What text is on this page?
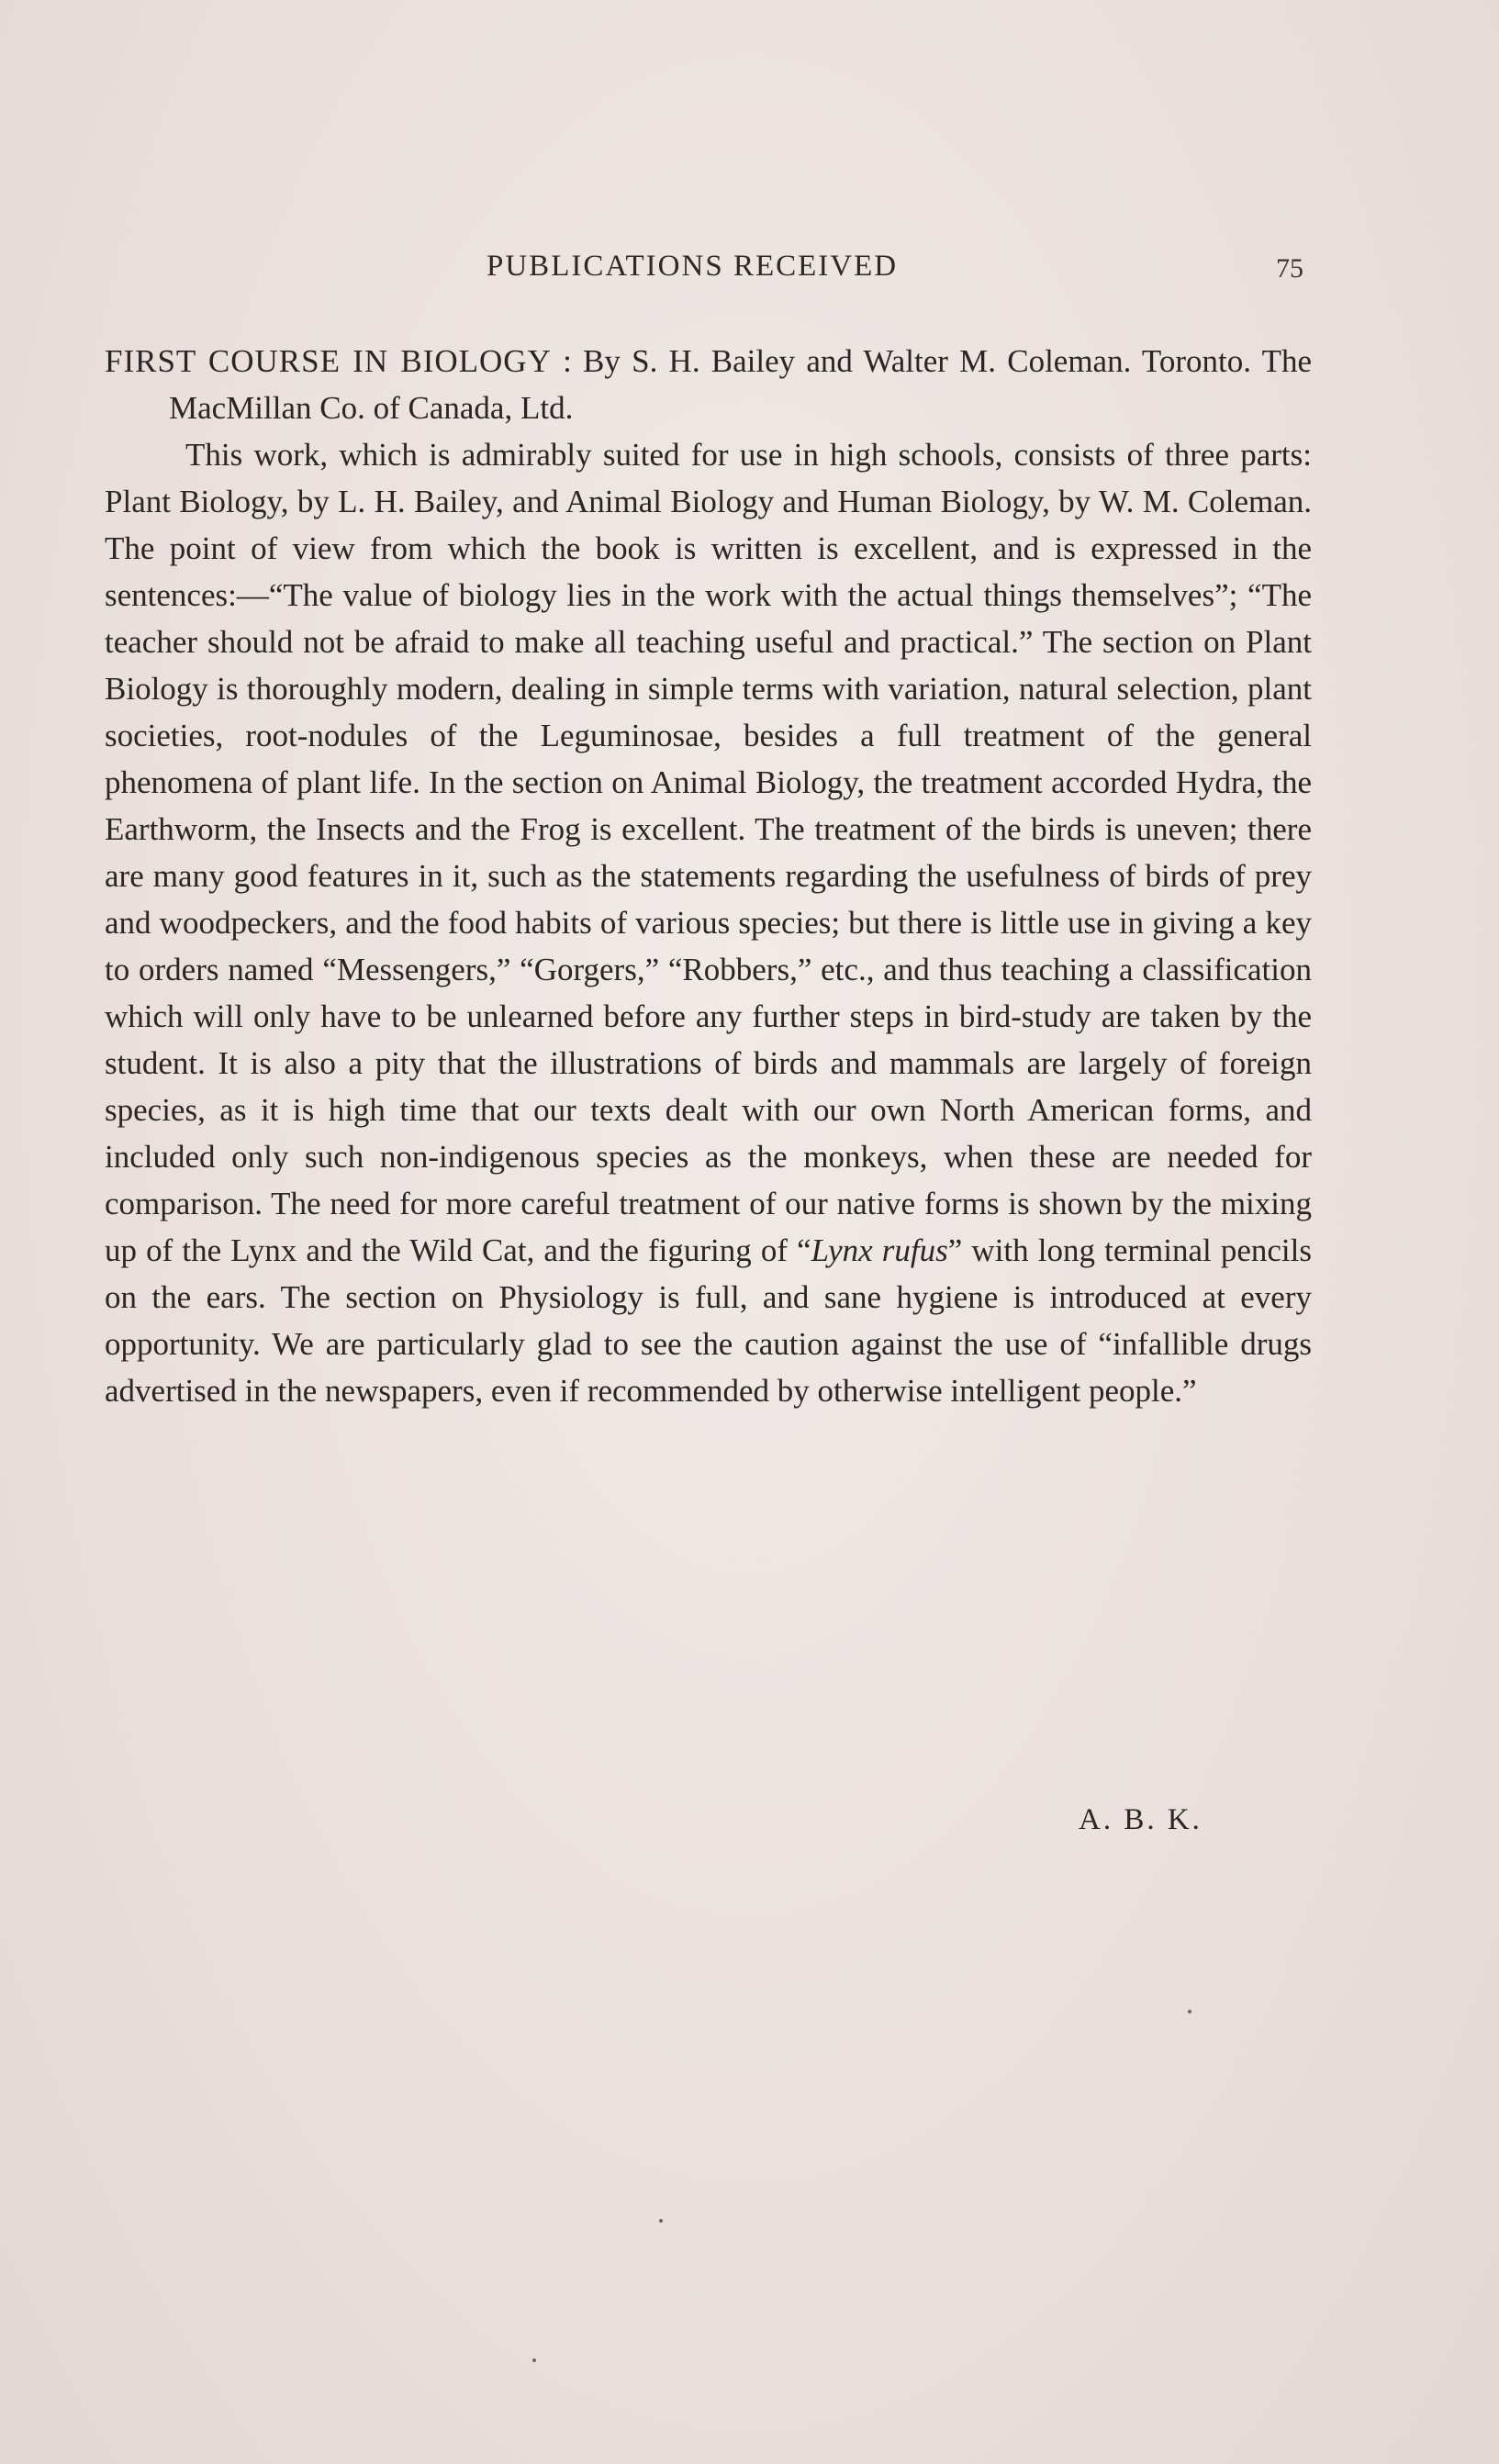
PUBLICATIONS RECEIVED	75

FIRST COURSE IN BIOLOGY : By S. H. Bailey and Walter M. Coleman. Toronto. The MacMillan Co. of Canada, Ltd.

This work, which is admirably suited for use in high schools, consists of three parts: Plant Biology, by L. H. Bailey, and Animal Biology and Human Biology, by W. M. Coleman. The point of view from which the book is written is excellent, and is expressed in the sentences:—“The value of biology lies in the work with the actual things themselves”; “The teacher should not be afraid to make all teaching useful and practical.” The section on Plant Biology is thoroughly modern, dealing in simple terms with variation, natural selection, plant societies, root-nodules of the Leguminosae, besides a full treatment of the general phenomena of plant life. In the section on Animal Biology, the treatment accorded Hydra, the Earthworm, the Insects and the Frog is excellent. The treatment of the birds is uneven; there are many good features in it, such as the statements regarding the usefulness of birds of prey and woodpeckers, and the food habits of various species; but there is little use in giving a key to orders named “Messengers,” “Gorgers,” “Robbers,” etc., and thus teaching a classification which will only have to be unlearned before any further steps in bird-study are taken by the student. It is also a pity that the illustrations of birds and mammals are largely of foreign species, as it is high time that our texts dealt with our own North American forms, and included only such non-indigenous species as the monkeys, when these are needed for comparison. The need for more careful treatment of our native forms is shown by the mixing up of the Lynx and the Wild Cat, and the figuring of “Lynx rufus” with long terminal pencils on the ears. The section on Physiology is full, and sane hygiene is introduced at every opportunity. We are particularly glad to see the caution against the use of “infallible drugs advertised in the newspapers, even if recommended by otherwise intelligent people.”

A. B. K.
